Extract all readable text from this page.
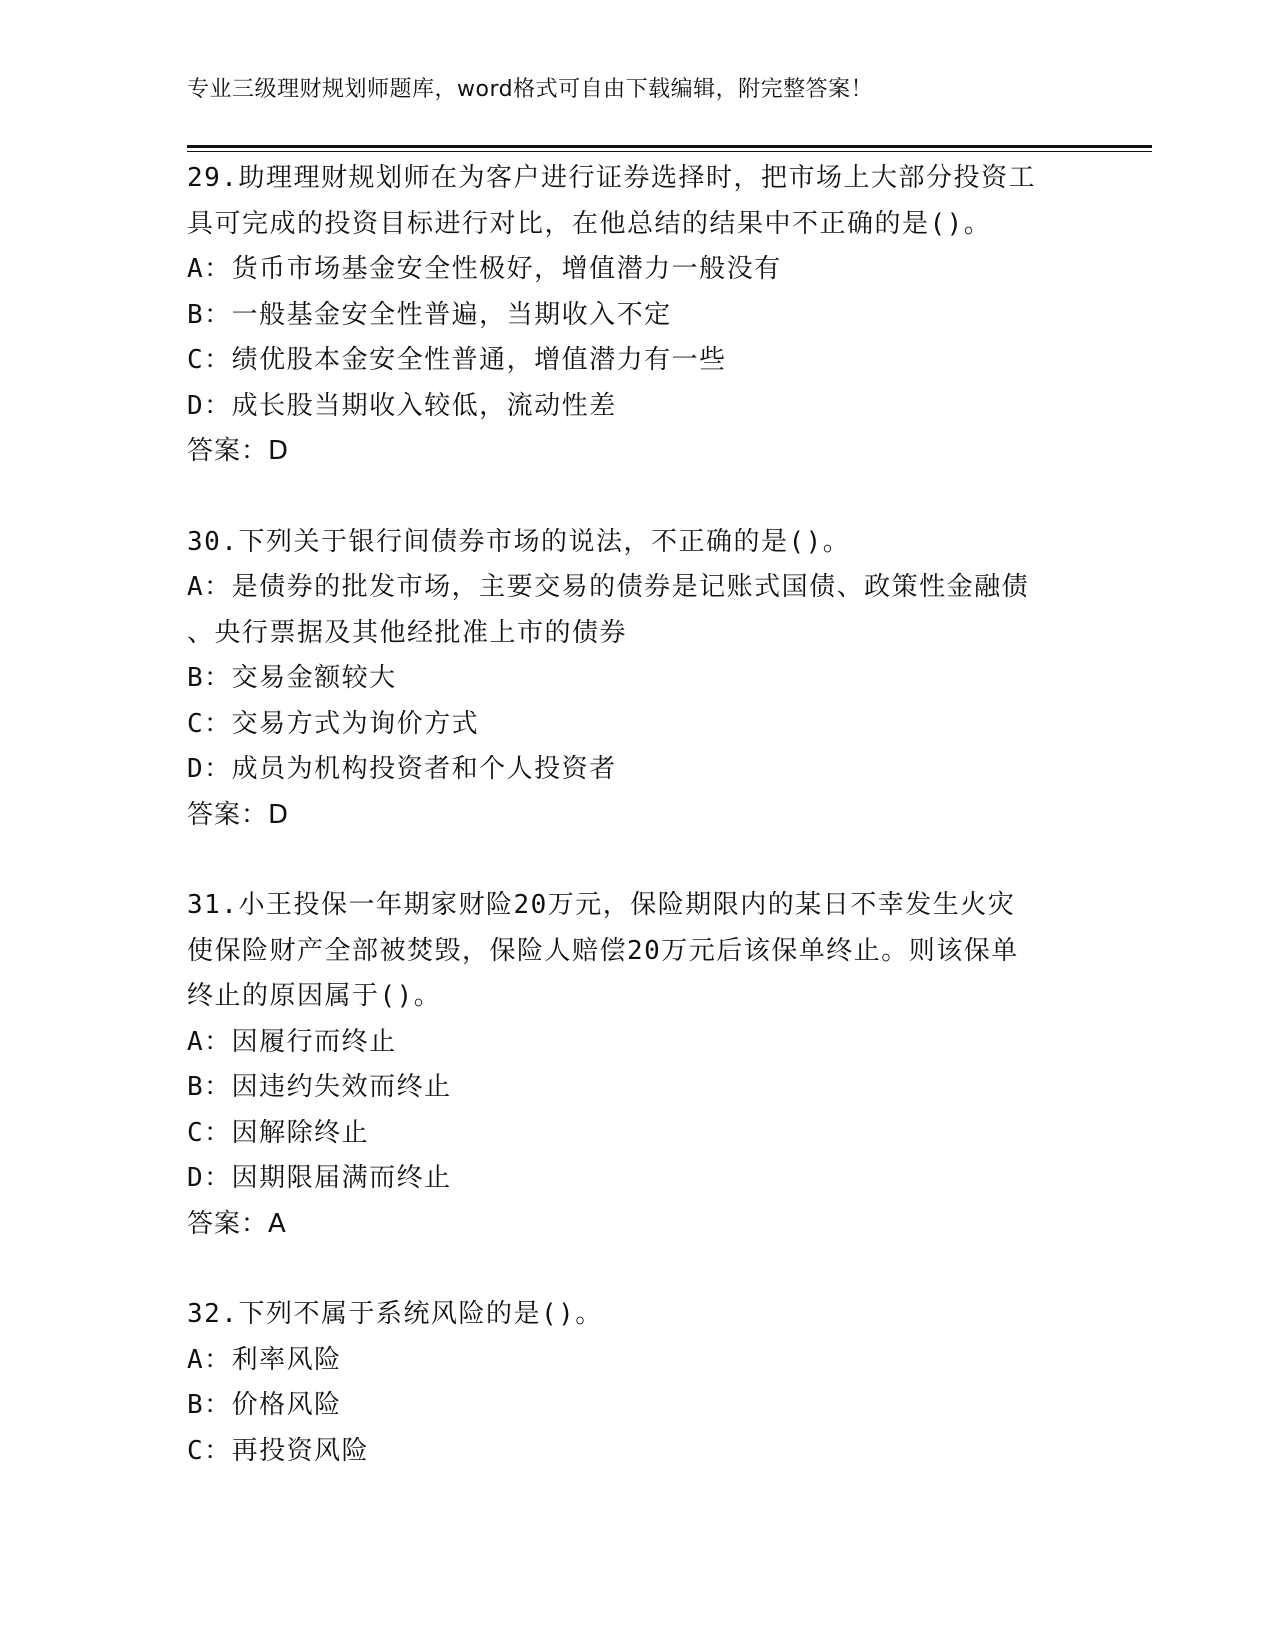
专业三级理财规划师题库，word格式可自由下载编辑，附完整答案！
29.助理理财规划师在为客户进行证券选择时，把市场上大部分投资工
具可完成的投资目标进行对比，在他总结的结果中不正确的是()。
A：货币市场基金安全性极好，增值潜力一般没有
B：一般基金安全性普遍，当期收入不定
C：绩优股本金安全性普通，增值潜力有一些
D：成长股当期收入较低，流动性差
答案：D
30.下列关于银行间债券市场的说法，不正确的是()。
A：是债券的批发市场，主要交易的债券是记账式国债、政策性金融债
、央行票据及其他经批准上市的债券
B：交易金额较大
C：交易方式为询价方式
D：成员为机构投资者和个人投资者
答案：D
31.小王投保一年期家财险20万元，保险期限内的某日不幸发生火灾
使保险财产全部被焚毁，保险人赔偿20万元后该保单终止。则该保单
终止的原因属于()。
A：因履行而终止
B：因违约失效而终止
C：因解除终止
D：因期限届满而终止
答案：A
32.下列不属于系统风险的是()。
A：利率风险
B：价格风险
C：再投资风险
